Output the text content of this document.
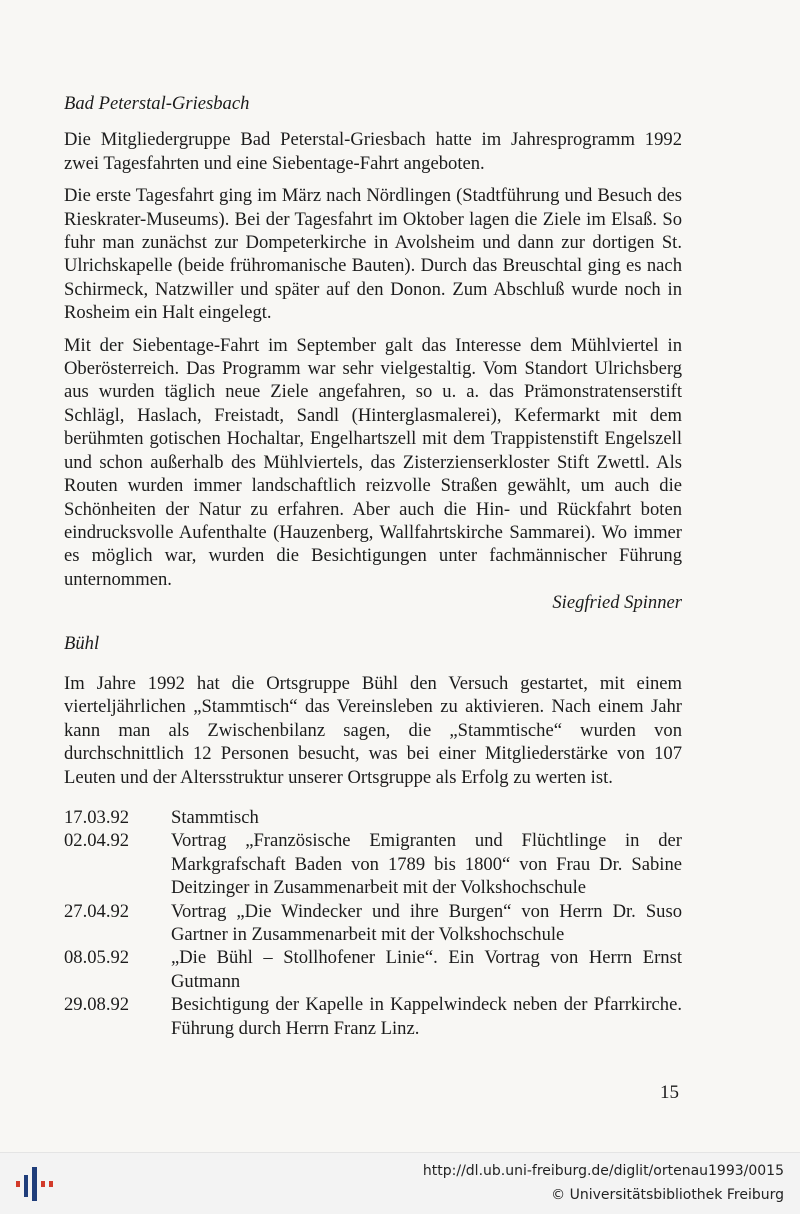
Bad Peterstal-Griesbach

Die Mitgliedergruppe Bad Peterstal-Griesbach hatte im Jahresprogramm 1992 zwei Tagesfahrten und eine Siebentage-Fahrt angeboten.

Die erste Tagesfahrt ging im März nach Nördlingen (Stadtführung und Besuch des Rieskrater-Museums). Bei der Tagesfahrt im Oktober lagen die Ziele im Elsaß. So fuhr man zunächst zur Dompeterkirche in Avolsheim und dann zur dortigen St. Ulrichskapelle (beide frühromanische Bauten). Durch das Breuschtal ging es nach Schirmeck, Natzwiller und später auf den Donon. Zum Abschluß wurde noch in Rosheim ein Halt eingelegt.

Mit der Siebentage-Fahrt im September galt das Interesse dem Mühlviertel in Oberösterreich. Das Programm war sehr vielgestaltig. Vom Standort Ulrichsberg aus wurden täglich neue Ziele angefahren, so u. a. das Prämonstratenserstift Schlägl, Haslach, Freistadt, Sandl (Hinterglasmalerei), Kefermarkt mit dem berühmten gotischen Hochaltar, Engelhartszell mit dem Trappistenstift Engelszell und schon außerhalb des Mühlviertels, das Zisterzienserkloster Stift Zwettl. Als Routen wurden immer landschaftlich reizvolle Straßen gewählt, um auch die Schönheiten der Natur zu erfahren. Aber auch die Hin- und Rückfahrt boten eindrucksvolle Aufenthalte (Hauzenberg, Wallfahrtskirche Sammarei). Wo immer es möglich war, wurden die Besichtigungen unter fachmännischer Führung unternommen.

Siegfried Spinner

Bühl

Im Jahre 1992 hat die Ortsgruppe Bühl den Versuch gestartet, mit einem vierteljährlichen „Stammtisch“ das Vereinsleben zu aktivieren. Nach einem Jahr kann man als Zwischenbilanz sagen, die „Stammtische“ wurden von durchschnittlich 12 Personen besucht, was bei einer Mitgliederstärke von 107 Leuten und der Altersstruktur unserer Ortsgruppe als Erfolg zu werten ist.

17.03.92	Stammtisch
02.04.92	Vortrag „Französische Emigranten und Flüchtlinge in der Markgrafschaft Baden von 1789 bis 1800“ von Frau Dr. Sabine Deitzinger in Zusammenarbeit mit der Volkshochschule
27.04.92	Vortrag „Die Windecker und ihre Burgen“ von Herrn Dr. Suso Gartner in Zusammenarbeit mit der Volkshochschule
08.05.92	„Die Bühl – Stollhofener Linie“. Ein Vortrag von Herrn Ernst Gutmann
29.08.92	Besichtigung der Kapelle in Kappelwindeck neben der Pfarrkirche. Führung durch Herrn Franz Linz.
15
http://dl.ub.uni-freiburg.de/diglit/ortenau1993/0015
© Universitätsbibliothek Freiburg
